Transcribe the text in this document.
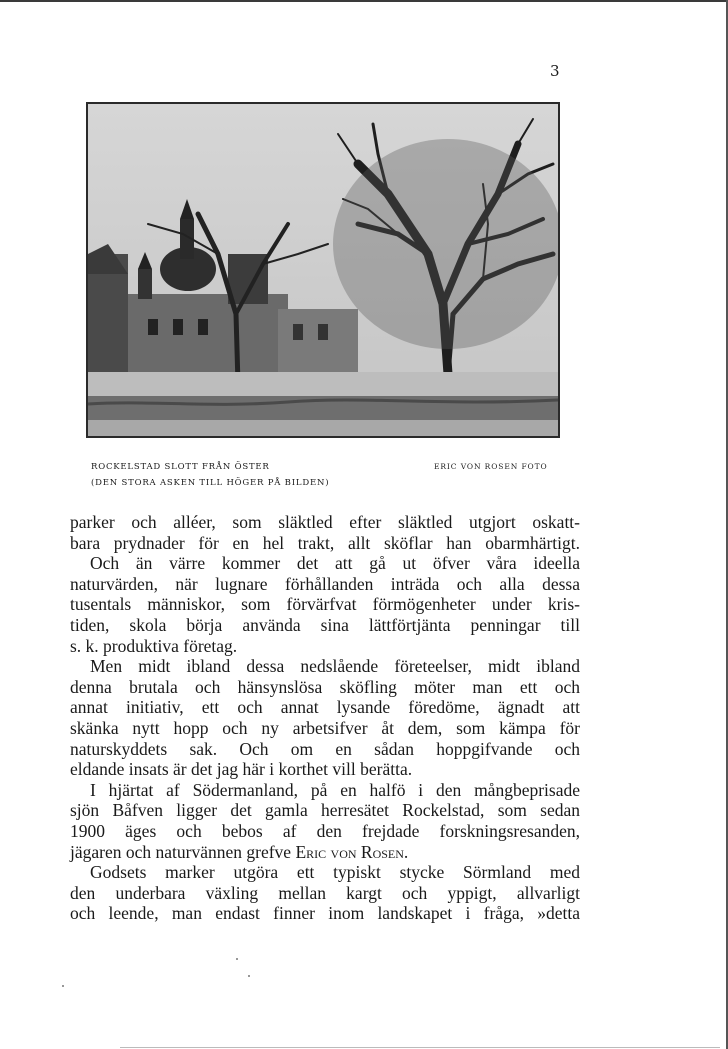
3
ROCKELSTAD SLOTT FRÅN ÖSTER
(DEN STORA ASKEN TILL HÖGER PÅ BILDEN)
ERIC VON ROSEN FOTO
parker och alléer, som släktled efter släktled utgjort oskatt-
bara prydnader för en hel trakt, allt sköflar han obarmhärtigt.
Och än värre kommer det att gå ut öfver våra ideella
naturvärden, när lugnare förhållanden inträda och alla dessa
tusentals människor, som förvärfvat förmögenheter under kris-
tiden, skola börja använda sina lättförtjänta penningar till
s. k. produktiva företag.
Men midt ibland dessa nedslående företeelser, midt ibland
denna brutala och hänsynslösa sköfling möter man ett och
annat initiativ, ett och annat lysande föredöme, ägnadt att
skänka nytt hopp och ny arbetsifver åt dem, som kämpa för
naturskyddets sak. Och om en sådan hoppgifvande och
eldande insats är det jag här i korthet vill berätta.
I hjärtat af Södermanland, på en halfö i den mångbeprisade
sjön Båfven ligger det gamla herresätet Rockelstad, som sedan
1900 äges och bebos af den frejdade forskningsresanden,
jägaren och naturvännen grefve Eric von Rosen.
Godsets marker utgöra ett typiskt stycke Sörmland med
den underbara växling mellan kargt och yppigt, allvarligt
och leende, man endast finner inom landskapet i fråga, »detta
